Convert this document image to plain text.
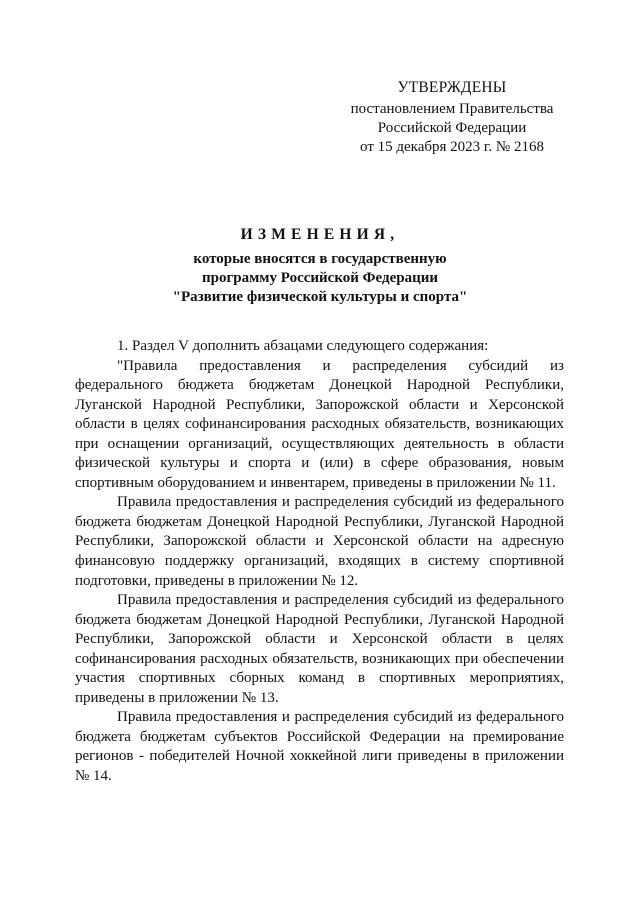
УТВЕРЖДЕНЫ
постановлением Правительства
Российской Федерации
от 15 декабря 2023 г. № 2168
ИЗМЕНЕНИЯ,
которые вносятся в государственную
программу Российской Федерации
"Развитие физической культуры и спорта"

1. Раздел V дополнить абзацами следующего содержания:

"Правила предоставления и распределения субсидий из федерального бюджета бюджетам Донецкой Народной Республики, Луганской Народной Республики, Запорожской области и Херсонской области в целях софинансирования расходных обязательств, возникающих при оснащении организаций, осуществляющих деятельность в области физической культуры и спорта и (или) в сфере образования, новым спортивным оборудованием и инвентарем, приведены в приложении № 11.

Правила предоставления и распределения субсидий из федерального бюджета бюджетам Донецкой Народной Республики, Луганской Народной Республики, Запорожской области и Херсонской области на адресную финансовую поддержку организаций, входящих в систему спортивной подготовки, приведены в приложении № 12.

Правила предоставления и распределения субсидий из федерального бюджета бюджетам Донецкой Народной Республики, Луганской Народной Республики, Запорожской области и Херсонской области в целях софинансирования расходных обязательств, возникающих при обеспечении участия спортивных сборных команд в спортивных мероприятиях, приведены в приложении № 13.

Правила предоставления и распределения субсидий из федерального бюджета бюджетам субъектов Российской Федерации на премирование регионов - победителей Ночной хоккейной лиги приведены в приложении № 14.
